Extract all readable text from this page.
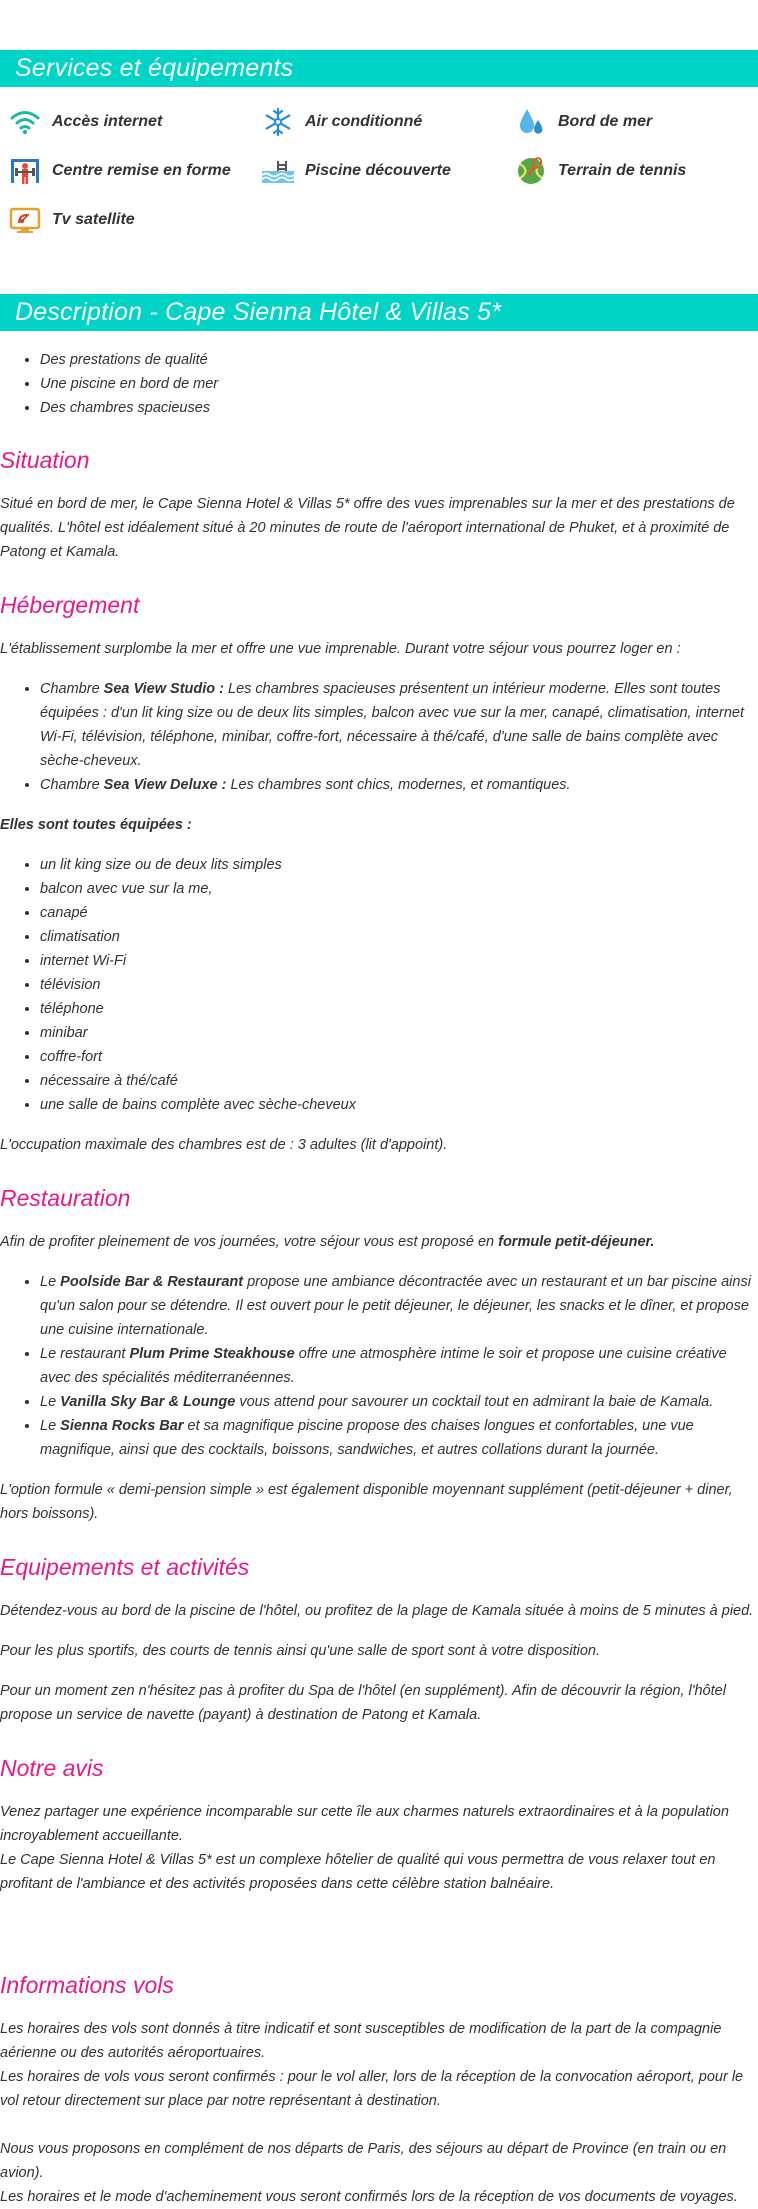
Services et équipements
Accès internet	Air conditionné	Bord de mer
Centre remise en forme	Piscine découverte	Terrain de tennis
Tv satellite
Description - Cape Sienna Hôtel & Villas 5*
• Des prestations de qualité
• Une piscine en bord de mer
• Des chambres spacieuses
Situation

Situé en bord de mer, le Cape Sienna Hotel & Villas 5* offre des vues imprenables sur la mer et des prestations de qualités. L'hôtel est idéalement situé à 20 minutes de route de l'aéroport international de Phuket, et à proximité de Patong et Kamala.

Hébergement

L'établissement surplombe la mer et offre une vue imprenable. Durant votre séjour vous pourrez loger en :

• Chambre Sea View Studio : Les chambres spacieuses présentent un intérieur moderne. Elles sont toutes équipées : d'un lit king size ou de deux lits simples, balcon avec vue sur la mer, canapé, climatisation, internet Wi-Fi, télévision, téléphone, minibar, coffre-fort, nécessaire à thé/café, d'une salle de bains complète avec sèche-cheveux.
• Chambre Sea View Deluxe : Les chambres sont chics, modernes, et romantiques.

Elles sont toutes équipées :

• un lit king size ou de deux lits simples
• balcon avec vue sur la me,
• canapé
• climatisation
• internet Wi-Fi
• télévision
• téléphone
• minibar
• coffre-fort
• nécessaire à thé/café
• une salle de bains complète avec sèche-cheveux

L'occupation maximale des chambres est de : 3 adultes (lit d'appoint).

Restauration

Afin de profiter pleinement de vos journées, votre séjour vous est proposé en formule petit-déjeuner.

• Le Poolside Bar & Restaurant propose une ambiance décontractée avec un restaurant et un bar piscine ainsi qu'un salon pour se détendre. Il est ouvert pour le petit déjeuner, le déjeuner, les snacks et le dîner, et propose une cuisine internationale.
• Le restaurant Plum Prime Steakhouse offre une atmosphère intime le soir et propose une cuisine créative avec des spécialités méditerranéennes.
• Le Vanilla Sky Bar & Lounge vous attend pour savourer un cocktail tout en admirant la baie de Kamala.
• Le Sienna Rocks Bar et sa magnifique piscine propose des chaises longues et confortables, une vue magnifique, ainsi que des cocktails, boissons, sandwiches, et autres collations durant la journée.

L'option formule « demi-pension simple » est également disponible moyennant supplément (petit-déjeuner + diner, hors boissons).

Equipements et activités

Détendez-vous au bord de la piscine de l'hôtel, ou profitez de la plage de Kamala située à moins de 5 minutes à pied.

Pour les plus sportifs, des courts de tennis ainsi qu'une salle de sport sont à votre disposition.

Pour un moment zen n'hésitez pas à profiter du Spa de l'hôtel (en supplément). Afin de découvrir la région, l'hôtel propose un service de navette (payant) à destination de Patong et Kamala.

Notre avis

Venez partager une expérience incomparable sur cette île aux charmes naturels extraordinaires et à la population incroyablement accueillante.

Le Cape Sienna Hotel & Villas 5* est un complexe hôtelier de qualité qui vous permettra de vous relaxer tout en profitant de l'ambiance et des activités proposées dans cette célèbre station balnéaire.

Informations vols

Les horaires des vols sont donnés à titre indicatif et sont susceptibles de modification de la part de la compagnie aérienne ou des autorités aéroportuaires.

Les horaires de vols vous seront confirmés : pour le vol aller, lors de la réception de la convocation aéroport, pour le vol retour directement sur place par notre représentant à destination.

Nous vous proposons en complément de nos départs de Paris, des séjours au départ de Province (en train ou en avion).

Les horaires et le mode d'acheminement vous seront confirmés lors de la réception de vos documents de voyages.
